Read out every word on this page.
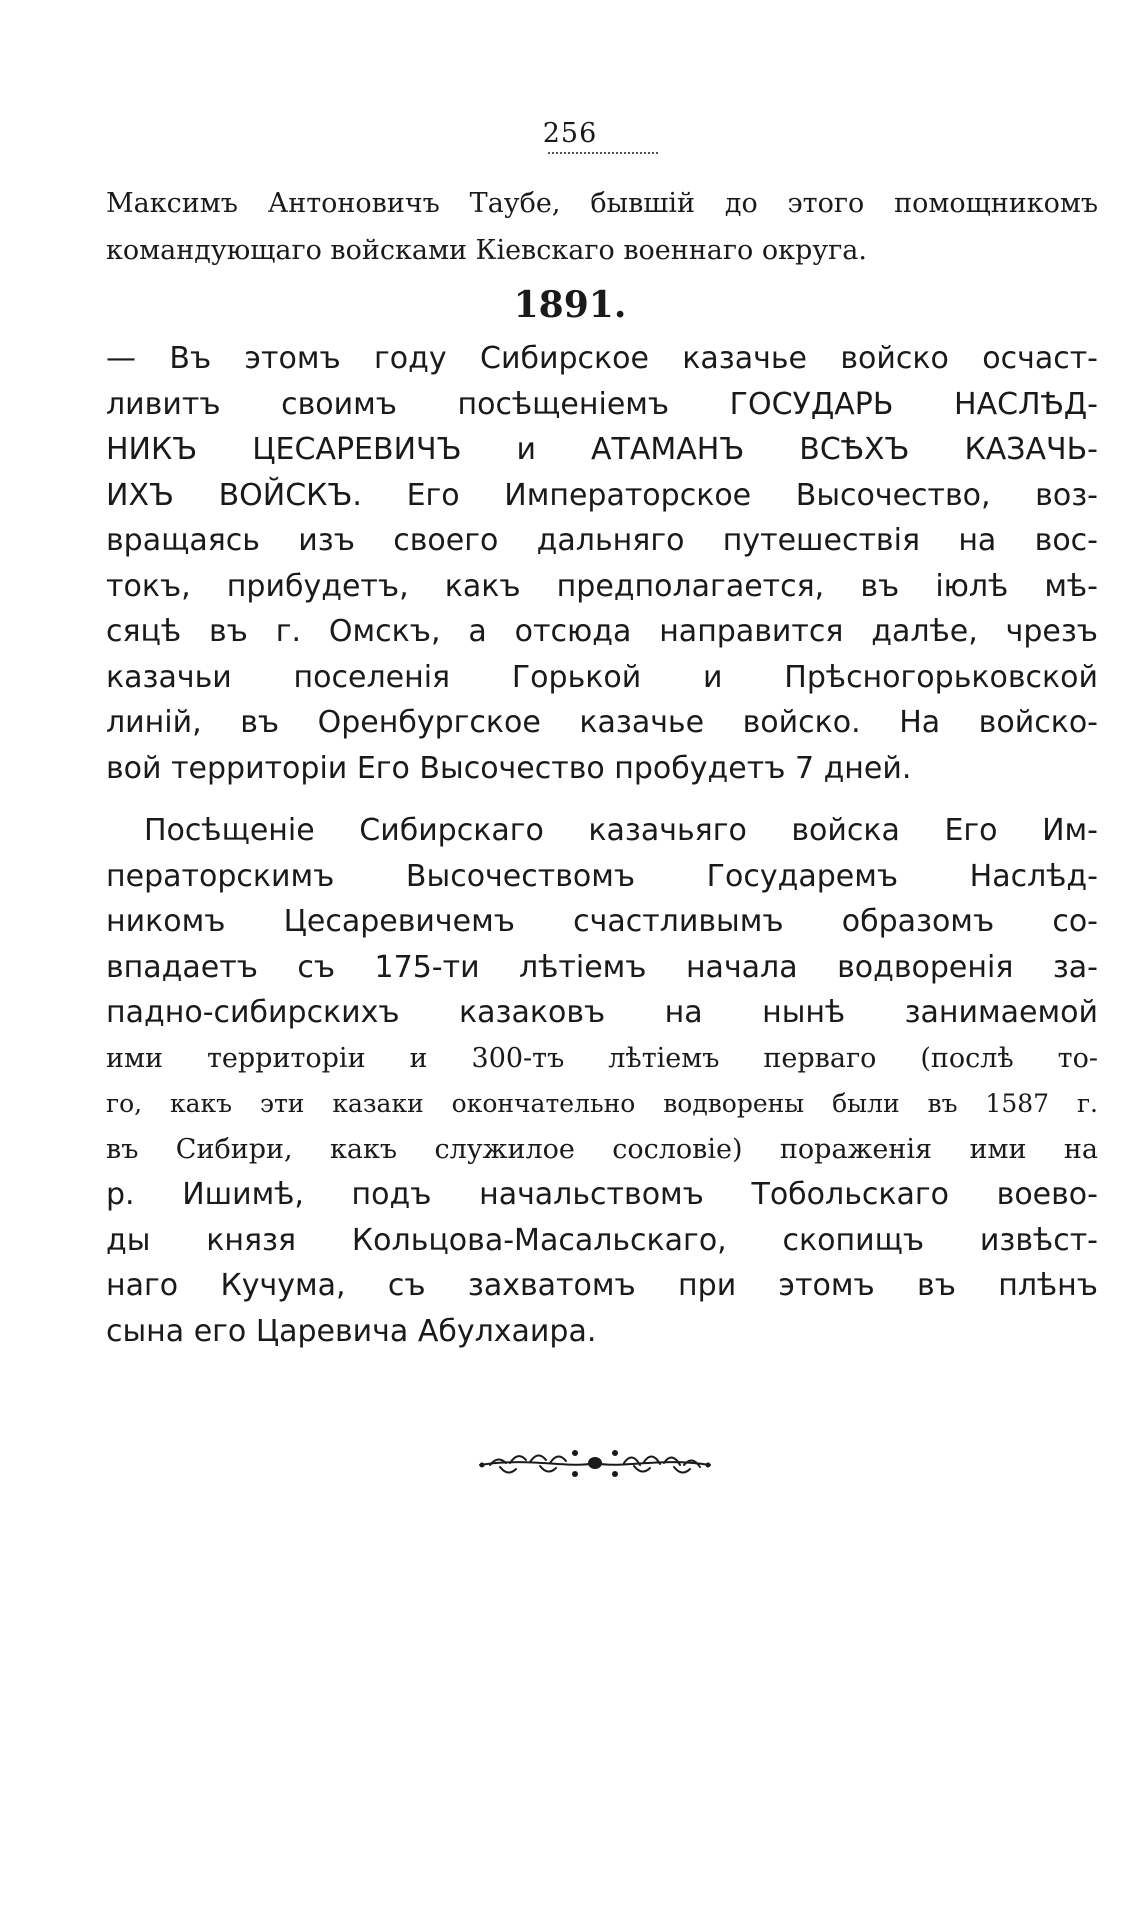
256
Максимъ Антоновичъ Таубе, бывшій до этого помощникомъ
командующаго войсками Кіевскаго военнаго округа.
1891.
— Въ этомъ году Сибирское казачье войско осчаст-
ливитъ своимъ посѣщеніемъ ГОСУДАРЬ НАСЛѢД-
НИКЪ ЦЕСАРЕВИЧЪ и АТАМАНЪ ВСѢХЪ КАЗАЧЬ-
ИХЪ ВОЙСКЪ. Его Императорское Высочество, воз-
вращаясь изъ своего дальняго путешествія на вос-
токъ, прибудетъ, какъ предполагается, въ іюлѣ мѣ-
сяцѣ въ г. Омскъ, а отсюда направится далѣе, чрезъ
казачьи поселенія Горькой и Прѣсногорьковской
линій, въ Оренбургское казачье войско. На войско-
вой территоріи Его Высочество пробудетъ 7 дней.
Посѣщеніе Сибирскаго казачьяго войска Его Им-
ператорскимъ Высочествомъ Государемъ Наслѣд-
никомъ Цесаревичемъ счастливымъ образомъ со-
впадаетъ съ 175-ти лѣтіемъ начала водворенія за-
падно-сибирскихъ казаковъ на нынѣ занимаемой
ими территоріи и 300-тъ лѣтіемъ перваго (послѣ то-
го, какъ эти казаки окончательно водворены были въ 1587 г.
въ Сибири, какъ служилое сословіе) пораженія ими на
р. Ишимѣ, подъ начальствомъ Тобольскаго воево-
ды князя Кольцова-Масальскаго, скопищъ извѣст-
наго Кучума, съ захватомъ при этомъ въ плѣнъ
сына его Царевича Абулхаира.
